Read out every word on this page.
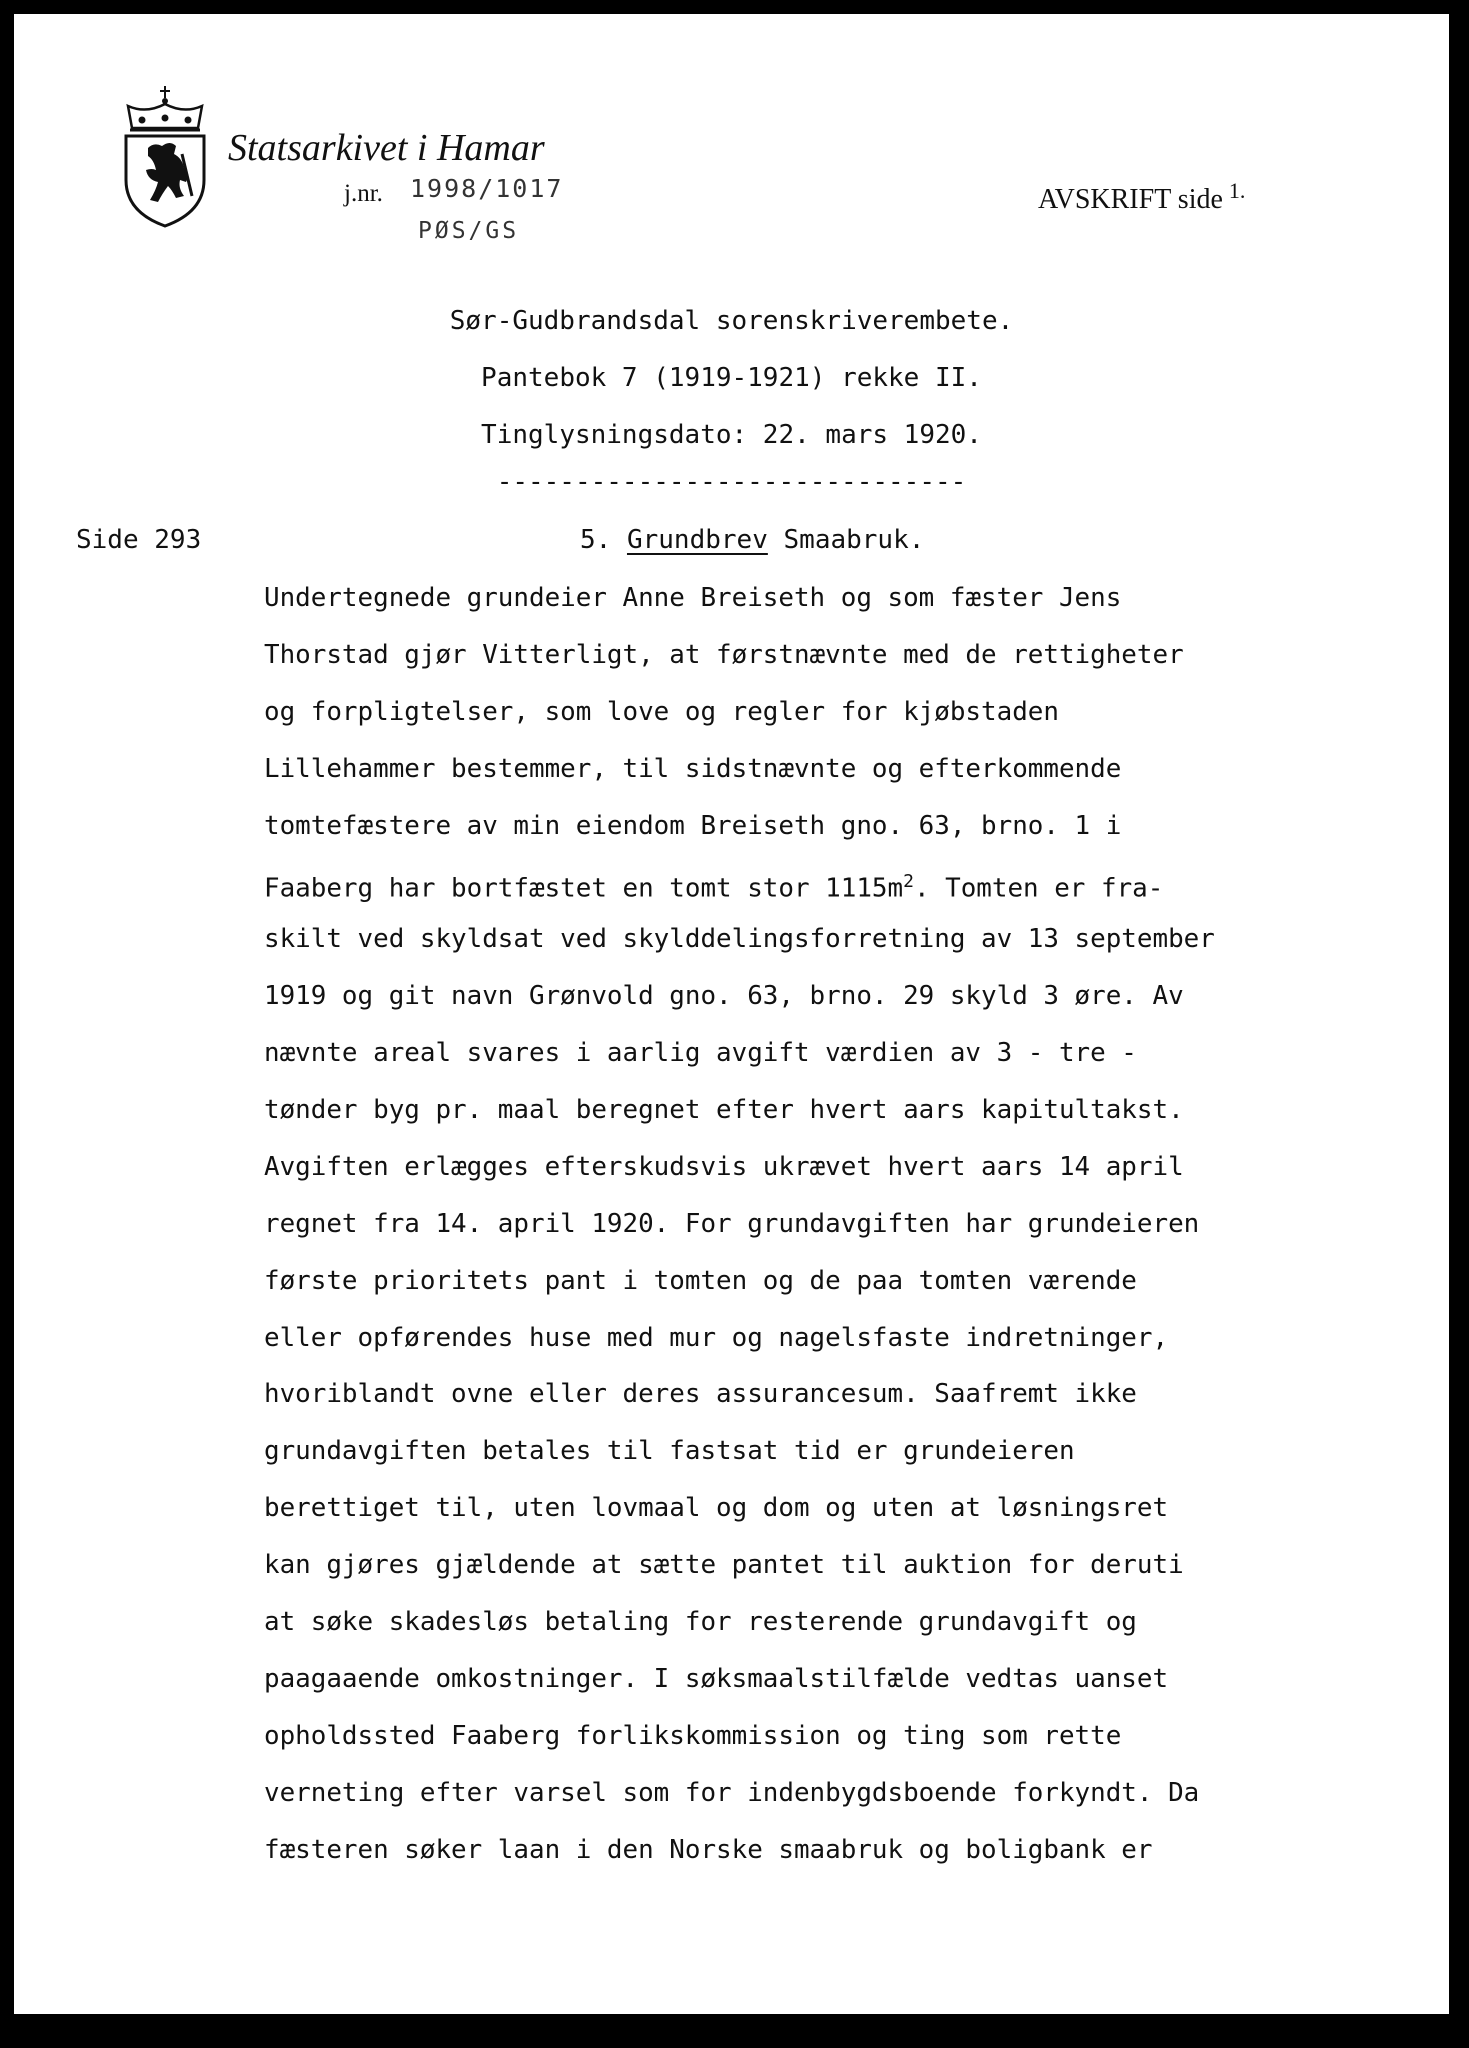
Statsarkivet i Hamar
j.nr. 1998/1017
PØS/GS
AVSKRIFT side $^{1.}$
Sør-Gudbrandsdal sorenskriverembete.
Pantebok 7 (1919-1921) rekke II.
Tinglysningsdato: 22. mars 1920.
------------------------------
Side 293	5. Grundbrev Smaabruk.
Undertegnede grundeier Anne Breiseth og som fæster Jens
Thorstad gjør Vitterligt, at førstnævnte med de rettigheter
og forpligtelser, som love og regler for kjøbstaden
Lillehammer bestemmer, til sidstnævnte og efterkommende
tomtefæstere av min eiendom Breiseth gno. 63, brno. 1 i
Faaberg har bortfæstet en tomt stor $1115m^2$. Tomten er fra-
skilt ved skyldsat ved skylddelingsforretning av 13 september
1919 og git navn Grønvold gno. 63, brno. 29 skyld 3 øre. Av
nævnte areal svares i aarlig avgift værdien av 3 - tre -
tønder byg pr. maal beregnet efter hvert aars kapitultakst.
Avgiften erlægges efterskudsvis ukrævet hvert aars 14 april
regnet fra 14. april 1920. For grundavgiften har grundeieren
første prioritets pant i tomten og de paa tomten værende
eller opførendes huse med mur og nagelsfaste indretninger,
hvoriblandt ovne eller deres assurancesum. Saafremt ikke
grundavgiften betales til fastsat tid er grundeieren
berettiget til, uten lovmaal og dom og uten at løsningsret
kan gjøres gjældende at sætte pantet til auktion for deruti
at søke skadesløs betaling for resterende grundavgift og
paagaaende omkostninger. I søksmaalstilfælde vedtas uanset
opholdssted Faaberg forlikskommission og ting som rette
verneting efter varsel som for indenbygdsboende forkyndt. Da
fæsteren søker laan i den Norske smaabruk og boligbank er
